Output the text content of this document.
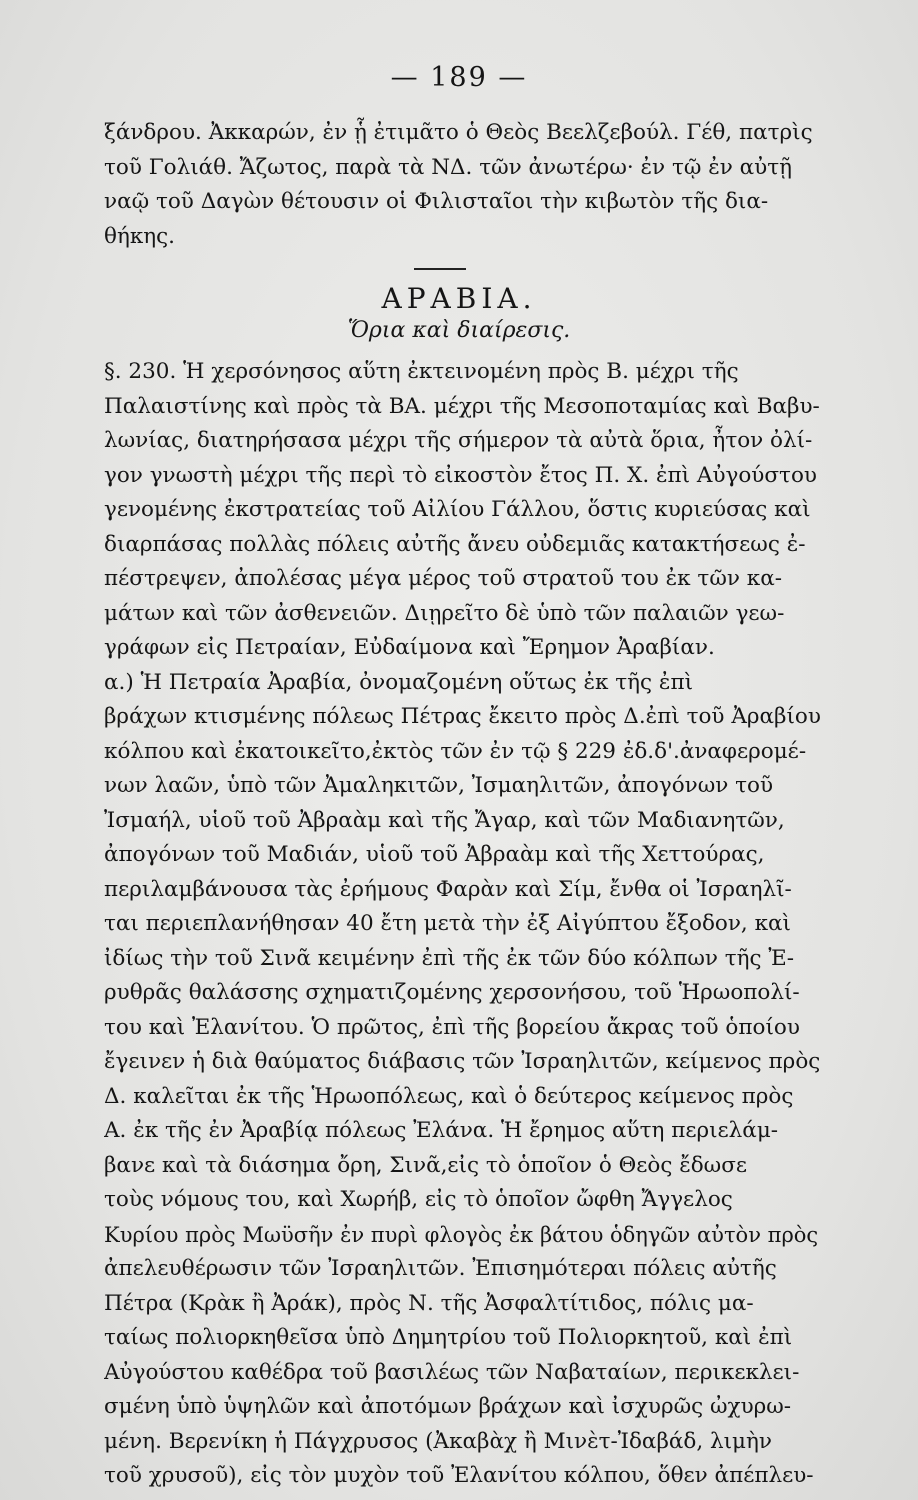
— 189 —
ξάνδρου. Ἀκκαρών, ἐν ᾗ ἐτιμᾶτο ὁ Θεὸς Βεελζεβούλ. Γέθ, πατρὶς
τοῦ Γολιάθ. Ἄζωτος, παρὰ τὰ ΝΔ. τῶν ἀνωτέρω· ἐν τῷ ἐν αὐτῇ
ναῷ τοῦ Δαγὼν θέτουσιν οἱ Φιλισταῖοι τὴν κιβωτὸν τῆς δια-
θήκης.
ΑΡΑΒΙΑ.
Ὅρια καὶ διαίρεσις.
§. 230. Ἡ χερσόνησος αὕτη ἐκτεινομένη πρὸς Β. μέχρι τῆς
Παλαιστίνης καὶ πρὸς τὰ ΒΑ. μέχρι τῆς Μεσοποταμίας καὶ Βαβυ-
λωνίας, διατηρήσασα μέχρι τῆς σήμερον τὰ αὐτὰ ὅρια, ἦτον ὀλί-
γον γνωστὴ μέχρι τῆς περὶ τὸ εἰκοστὸν ἔτος Π. Χ. ἐπὶ Αὐγούστου
γενομένης ἐκστρατείας τοῦ Αἰλίου Γάλλου, ὅστις κυριεύσας καὶ
διαρπάσας πολλὰς πόλεις αὐτῆς ἄνευ οὐδεμιᾶς κατακτήσεως ἐ-
πέστρεψεν, ἀπολέσας μέγα μέρος τοῦ στρατοῦ του ἐκ τῶν κα-
μάτων καὶ τῶν ἀσθενειῶν. Διῃρεῖτο δὲ ὑπὸ τῶν παλαιῶν γεω-
γράφων εἰς Πετραίαν, Εὐδαίμονα καὶ Ἔρημον Ἀραβίαν.
α.) Ἡ Πετραία Ἀραβία, ὀνομαζομένη οὕτως ἐκ τῆς ἐπὶ
βράχων κτισμένης πόλεως Πέτρας ἔκειτο πρὸς Δ.ἐπὶ τοῦ Ἀραβίου
κόλπου καὶ ἐκατοικεῖτο,ἐκτὸς τῶν ἐν τῷ § 229 ἐδ.δ'.ἀναφερομέ-
νων λαῶν, ὑπὸ τῶν Ἀμαληκιτῶν, Ἰσμαηλιτῶν, ἀπογόνων τοῦ
Ἰσμαήλ, υἱοῦ τοῦ Ἀβραὰμ καὶ τῆς Ἄγαρ, καὶ τῶν Μαδιανητῶν,
ἀπογόνων τοῦ Μαδιάν, υἱοῦ τοῦ Ἀβραὰμ καὶ τῆς Χεττούρας,
περιλαμβάνουσα τὰς ἐρήμους Φαρὰν καὶ Σίμ, ἔνθα οἱ Ἰσραηλῖ-
ται περιεπλανήθησαν 40 ἔτη μετὰ τὴν ἐξ Αἰγύπτου ἔξοδον, καὶ
ἰδίως τὴν τοῦ Σινᾶ κειμένην ἐπὶ τῆς ἐκ τῶν δύο κόλπων τῆς Ἐ-
ρυθρᾶς θαλάσσης σχηματιζομένης χερσονήσου, τοῦ Ἡρωοπολί-
του καὶ Ἐλανίτου. Ὁ πρῶτος, ἐπὶ τῆς βορείου ἄκρας τοῦ ὁποίου
ἔγεινεν ἡ διὰ θαύματος διάβασις τῶν Ἰσραηλιτῶν, κείμενος πρὸς
Δ. καλεῖται ἐκ τῆς Ἡρωοπόλεως, καὶ ὁ δεύτερος κείμενος πρὸς
Α. ἐκ τῆς ἐν Ἀραβίᾳ πόλεως Ἐλάνα. Ἡ ἔρημος αὕτη περιελάμ-
βανε καὶ τὰ διάσημα ὄρη, Σινᾶ,εἰς τὸ ὁποῖον ὁ Θεὸς ἔδωσε
τοὺς νόμους του, καὶ Χωρήβ, εἰς τὸ ὁποῖον ὤφθη Ἄγγελος
Κυρίου πρὸς Μωϋσῆν ἐν πυρὶ φλογὸς ἐκ βάτου ὁδηγῶν αὐτὸν πρὸς
ἀπελευθέρωσιν τῶν Ἰσραηλιτῶν. Ἐπισημότεραι πόλεις αὐτῆς
Πέτρα (Κρὰκ ἢ Ἀράκ), πρὸς Ν. τῆς Ἀσφαλτίτιδος, πόλις μα-
ταίως πολιορκηθεῖσα ὑπὸ Δημητρίου τοῦ Πολιορκητοῦ, καὶ ἐπὶ
Αὐγούστου καθέδρα τοῦ βασιλέως τῶν Ναβαταίων, περικεκλει-
σμένη ὑπὸ ὑψηλῶν καὶ ἀποτόμων βράχων καὶ ἰσχυρῶς ὠχυρω-
μένη. Βερενίκη ἡ Πάγχρυσος (Ἀκαβὰχ ἢ Μινὲτ-Ἰδαβάδ, λιμὴν
τοῦ χρυσοῦ), εἰς τὸν μυχὸν τοῦ Ἐλανίτου κόλπου, ὅθεν ἀπέπλευ-
